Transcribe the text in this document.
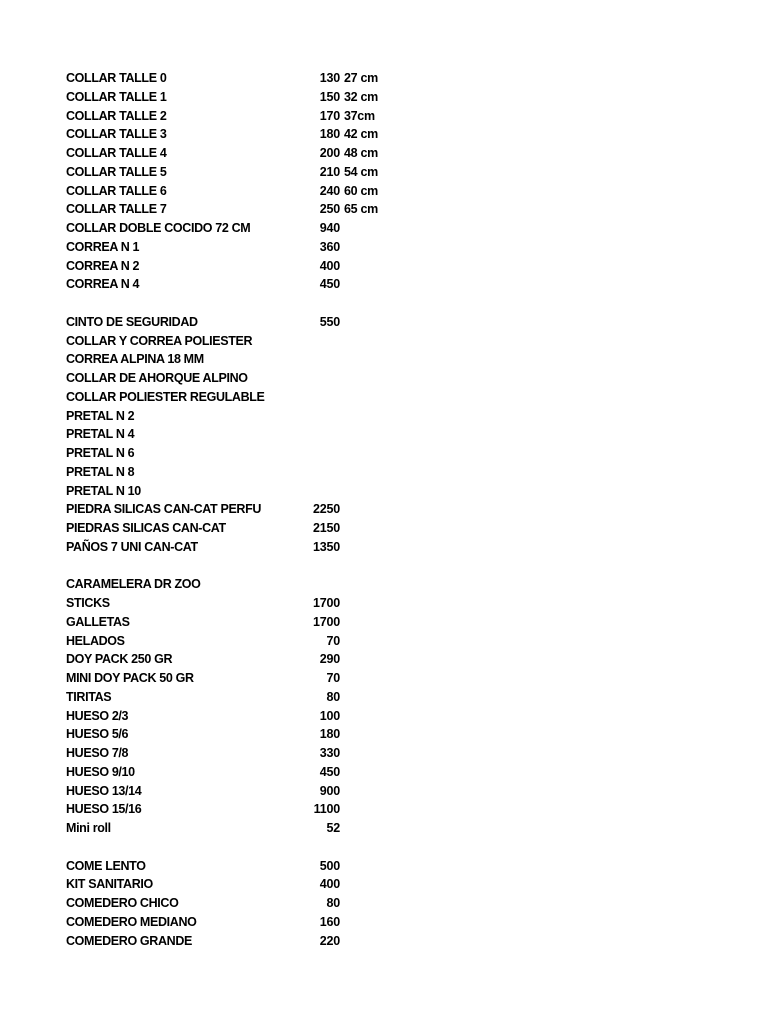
COLLAR TALLE 0	130 27 cm
COLLAR TALLE 1	150 32 cm
COLLAR TALLE 2	170 37cm
COLLAR TALLE 3	180 42 cm
COLLAR TALLE 4	200 48 cm
COLLAR TALLE 5	210 54 cm
COLLAR TALLE 6	240 60 cm
COLLAR TALLE 7	250 65 cm
COLLAR DOBLE COCIDO 72 CM	940
CORREA N 1	360
CORREA N 2	400
CORREA N 4	450
CINTO DE SEGURIDAD	550
COLLAR Y CORREA POLIESTER
CORREA ALPINA 18 MM
COLLAR DE AHORQUE ALPINO
COLLAR POLIESTER REGULABLE
PRETAL N 2
PRETAL N 4
PRETAL N 6
PRETAL N 8
PRETAL N 10
PIEDRA SILICAS CAN-CAT PERFU	2250
PIEDRAS SILICAS CAN-CAT	2150
PAÑOS 7 UNI CAN-CAT	1350
CARAMELERA DR ZOO
STICKS	1700
GALLETAS	1700
HELADOS	70
DOY PACK 250 GR	290
MINI DOY PACK 50 GR	70
TIRITAS	80
HUESO 2/3	100
HUESO 5/6	180
HUESO 7/8	330
HUESO 9/10	450
HUESO 13/14	900
HUESO 15/16	1100
Mini roll	52
COME LENTO	500
KIT SANITARIO	400
COMEDERO CHICO	80
COMEDERO MEDIANO	160
COMEDERO GRANDE	220
